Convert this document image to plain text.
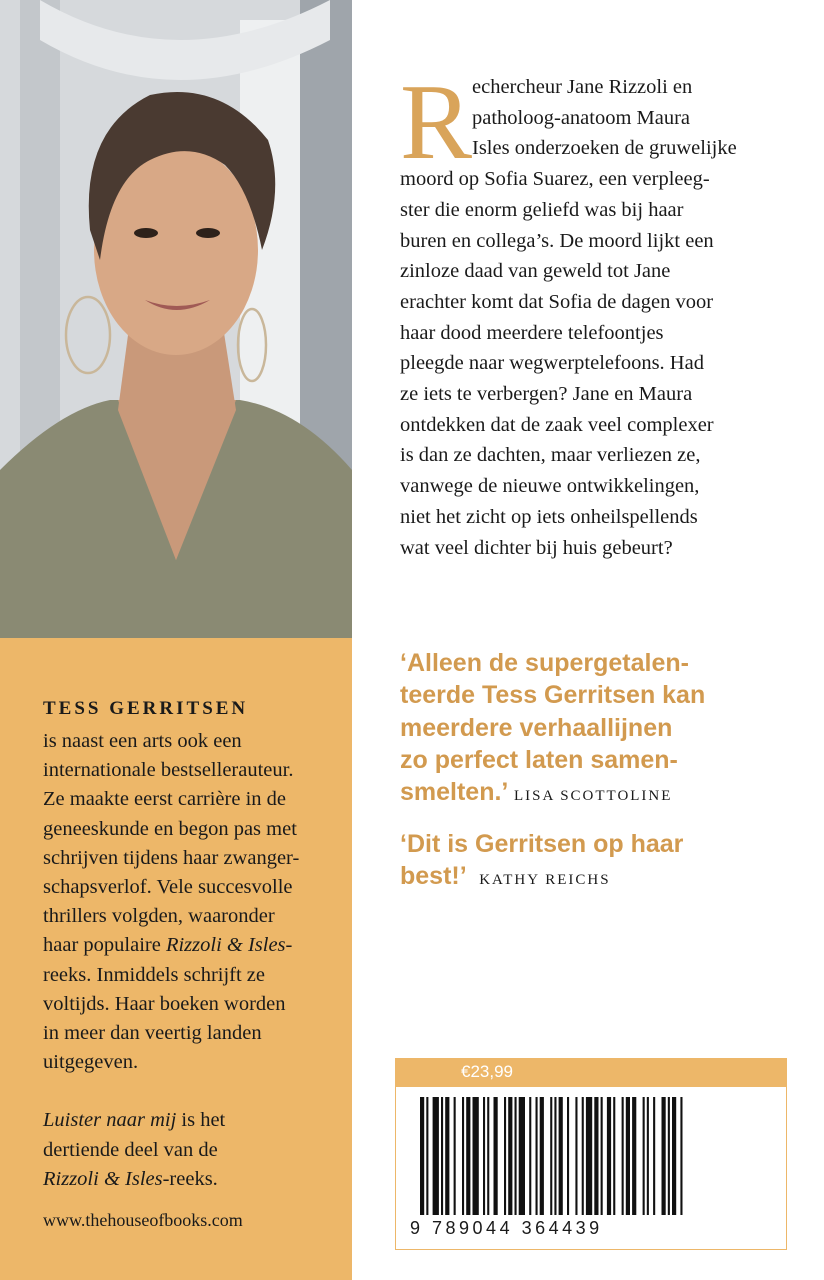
TESS GERRITSEN

is naast een arts ook een

internationale bestsellerauteur.

Ze maakte eerst carrière in de

geneeskunde en begon pas met

schrijven tijdens haar zwanger-

schapsverlof. Vele succesvolle

thrillers volgden, waaronder

haar populaire Rizzoli & Isles-

reeks. Inmiddels schrijft ze

voltijds. Haar boeken worden

in meer dan veertig landen

uitgegeven.

Luister naar mij is het

dertiende deel van de

Rizzoli & Isles-reeks.

www.thehouseofbooks.com
R echercheur Jane Rizzoli en

patholoog-anatoom Maura

Isles onderzoeken de gruwelijke

moord op Sofia Suarez, een verpleeg-

ster die enorm geliefd was bij haar

buren en collega’s. De moord lijkt een

zinloze daad van geweld tot Jane

erachter komt dat Sofia de dagen voor

haar dood meerdere telefoontjes

pleegde naar wegwerptelefoons. Had

ze iets te verbergen? Jane en Maura

ontdekken dat de zaak veel complexer

is dan ze dachten, maar verliezen ze,

vanwege de nieuwe ontwikkelingen,

niet het zicht op iets onheilspellends

wat veel dichter bij huis gebeurt?

‘Alleen de supergetalen-
teerde Tess Gerritsen kan
meerdere verhaallijnen
zo perfect laten samen-
smelten.’ LISA SCOTTOLINE
‘Dit is Gerritsen op haar
best!’ KATHY REICHS
€23,99
9 789044 364439
